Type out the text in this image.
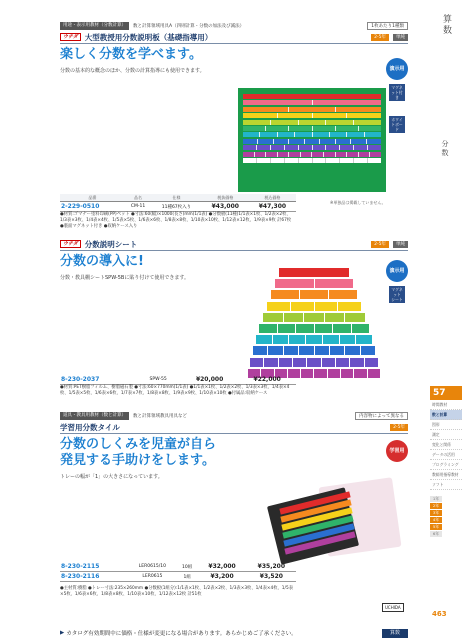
用途・表示用教材（分数計算）	数と計算領域用具A（四則計算・分数の加法及び減法）	1枚あたり1種類
ウチダ 大型教授用分数説明板（基礎指導用）	2-5年	単純
楽しく分数を学べます。
分数の基本的な概念のほか、分数の計算指導にも使用できます。	演示用
マグネット付き
ホワイトボード
※単独品は掲載していません。
品番	品名	仕様	税抜価格	税込価格
2-229-0510	CM-11	11種67枚入り	¥43,000	¥47,300
●材質:ゴマナー塗料印刷(PP)ペット ●寸法:60(幅)×1000(長さ)mm(1/1表) ●分数板(11種)1/1表×1枚、1/2表×2枚、1/3表×3枚、1/4表×4枚、1/5表×5枚、1/6表×6枚、1/8表×8枚、1/10表×10枚、1/12表×12枚、1/9表×9枚 計67枚 ●裏面マグネット付き ●収納ケース入り
ウチダ 分数説明シート	2-5年	単純
分数の導入に!
分数・教具棚シートSPW-5Bに貼り付けて使用できます。
演示用
マグネット
シート
8-230-2037	SPW-55		¥20,000	¥22,000
●材質:PET樹脂フィルム、樹脂磁石製 ●寸法:60×770mm(1/1表) ●1/1表×1枚、1/2表×2枚、1/3表×3枚、1/4表×4枚、1/5表×5枚、1/6表×6枚、1/7表×7枚、1/8表×8枚、1/9表×9枚、1/10表×10枚 ●付属品:収納ケース
道具・教具用教材（数と計算）	数と計算領域教具用具など	内容物によって異なる
学習用分数タイル	2-5年
分数のしくみを児童が自ら
発見する手助けをします。
トレーの幅が「1」の大きさになっています。
学習用
8-230-2115	LER0615/10	10組	¥32,000	¥35,200
8-230-2116	LER0615	1組	¥3,200	¥3,520
●主材質:樹脂 ●トレー寸法:235×260mm ●分数板(1組分):1/1表×1枚、1/2表×2枚、1/3表×3枚、1/4表×4枚、1/5表×5枚、1/6表×6枚、1/8表×8枚、1/10表×10枚、1/12表×12枚 計51枚
UCHIDA
算数
分数
57
時間教材
数と計算
図形
測定
変化と関係
データの活用
プログラミング
教師用指導教材
ソフト
1年
2年
3年
4年
5年
6年
463
▶ カタログ有効期間中に価格・仕様が変更になる場合があります。あらかじめご了承ください。	算数
